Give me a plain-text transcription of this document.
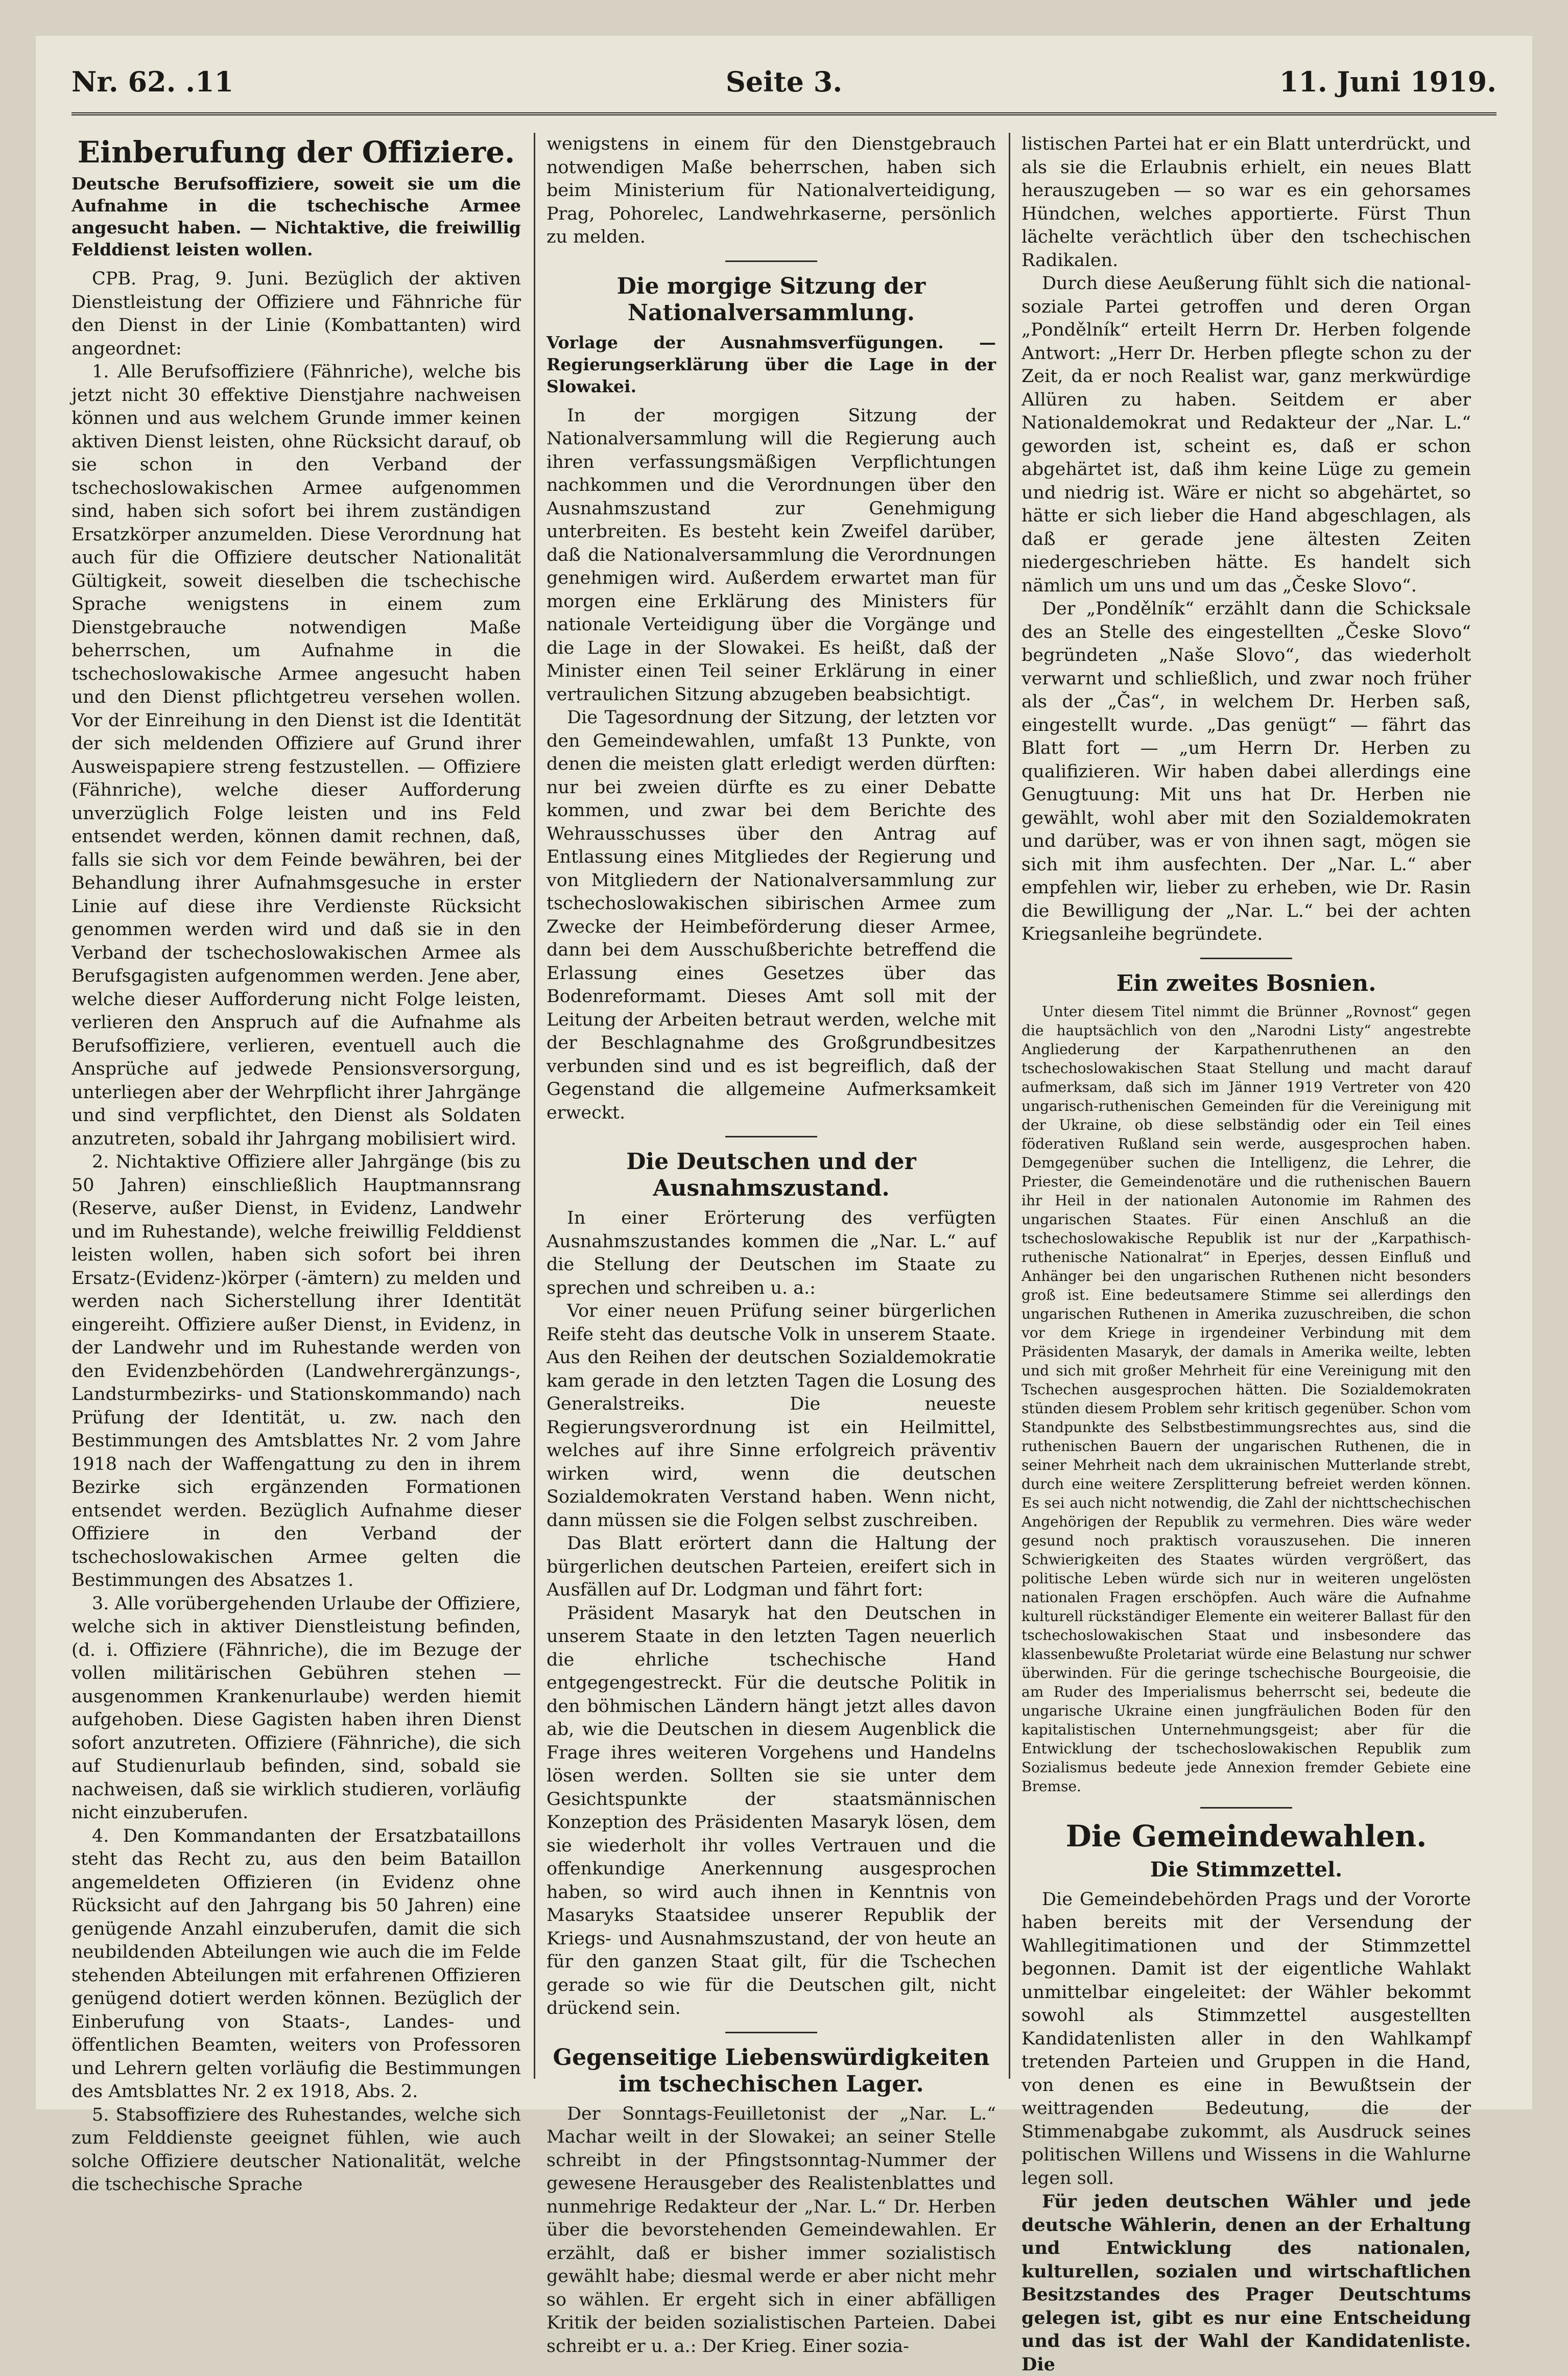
Nr. 62. .11	Seite 3.	11. Juni 1919.
Einberufung der Offiziere.
Deutsche Berufsoffiziere, soweit sie um die Aufnahme in die tschechische Armee angesucht haben. — Nichtaktive, die freiwillig Felddienst leisten wollen.

CPB. Prag, 9. Juni. Bezüglich der aktiven Dienstleistung der Offiziere und Fähnriche für den Dienst in der Linie (Kombattanten) wird angeordnet:

1. Alle Berufsoffiziere (Fähnriche), welche bis jetzt nicht 30 effektive Dienstjahre nachweisen können und aus welchem Grunde immer keinen aktiven Dienst leisten, ohne Rücksicht darauf, ob sie schon in den Verband der tschechoslowakischen Armee aufgenommen sind, haben sich sofort bei ihrem zuständigen Ersatzkörper anzumelden. Diese Verordnung hat auch für die Offiziere deutscher Nationalität Gültigkeit, soweit dieselben die tschechische Sprache wenigstens in einem zum Dienstgebrauche notwendigen Maße beherrschen, um Aufnahme in die tschechoslowakische Armee angesucht haben und den Dienst pflichtgetreu versehen wollen. Vor der Einreihung in den Dienst ist die Identität der sich meldenden Offiziere auf Grund ihrer Ausweispapiere streng festzustellen. — Offiziere (Fähnriche), welche dieser Aufforderung unverzüglich Folge leisten und ins Feld entsendet werden, können damit rechnen, daß, falls sie sich vor dem Feinde bewähren, bei der Behandlung ihrer Aufnahmsgesuche in erster Linie auf diese ihre Verdienste Rücksicht genommen werden wird und daß sie in den Verband der tschechoslowakischen Armee als Berufsgagisten aufgenommen werden. Jene aber, welche dieser Aufforderung nicht Folge leisten, verlieren den Anspruch auf die Aufnahme als Berufsoffiziere, verlieren, eventuell auch die Ansprüche auf jedwede Pensionsversorgung, unterliegen aber der Wehrpflicht ihrer Jahrgänge und sind verpflichtet, den Dienst als Soldaten anzutreten, sobald ihr Jahrgang mobilisiert wird.

2. Nichtaktive Offiziere aller Jahrgänge (bis zu 50 Jahren) einschließlich Hauptmannsrang (Reserve, außer Dienst, in Evidenz, Landwehr und im Ruhestande), welche freiwillig Felddienst leisten wollen, haben sich sofort bei ihren Ersatz-(Evidenz-)körper (-ämtern) zu melden und werden nach Sicherstellung ihrer Identität eingereiht. Offiziere außer Dienst, in Evidenz, in der Landwehr und im Ruhestande werden von den Evidenzbehörden (Landwehrergänzungs-, Landsturmbezirks- und Stationskommando) nach Prüfung der Identität, u. zw. nach den Bestimmungen des Amtsblattes Nr. 2 vom Jahre 1918 nach der Waffengattung zu den in ihrem Bezirke sich ergänzenden Formationen entsendet werden. Bezüglich Aufnahme dieser Offiziere in den Verband der tschechoslowakischen Armee gelten die Bestimmungen des Absatzes 1.

3. Alle vorübergehenden Urlaube der Offiziere, welche sich in aktiver Dienstleistung befinden, (d. i. Offiziere (Fähnriche), die im Bezuge der vollen militärischen Gebühren stehen — ausgenommen Krankenurlaube) werden hiemit aufgehoben. Diese Gagisten haben ihren Dienst sofort anzutreten. Offiziere (Fähnriche), die sich auf Studienurlaub befinden, sind, sobald sie nachweisen, daß sie wirklich studieren, vorläufig nicht einzuberufen.

4. Den Kommandanten der Ersatzbataillons steht das Recht zu, aus den beim Bataillon angemeldeten Offizieren (in Evidenz ohne Rücksicht auf den Jahrgang bis 50 Jahren) eine genügende Anzahl einzuberufen, damit die sich neubildenden Abteilungen wie auch die im Felde stehenden Abteilungen mit erfahrenen Offizieren genügend dotiert werden können. Bezüglich der Einberufung von Staats-, Landes- und öffentlichen Beamten, weiters von Professoren und Lehrern gelten vorläufig die Bestimmungen des Amtsblattes Nr. 2 ex 1918, Abs. 2.

5. Stabsoffiziere des Ruhestandes, welche sich zum Felddienste geeignet fühlen, wie auch solche Offiziere deutscher Nationalität, welche die tschechische Sprache

wenigstens in einem für den Dienstgebrauch notwendigen Maße beherrschen, haben sich beim Ministerium für Nationalverteidigung, Prag, Pohorelec, Landwehrkaserne, persönlich zu melden.

Die morgige Sitzung der Nationalversammlung.
Vorlage der Ausnahmsverfügungen. — Regierungserklärung über die Lage in der Slowakei.

In der morgigen Sitzung der Nationalversammlung will die Regierung auch ihren verfassungsmäßigen Verpflichtungen nachkommen und die Verordnungen über den Ausnahmszustand zur Genehmigung unterbreiten. Es besteht kein Zweifel darüber, daß die Nationalversammlung die Verordnungen genehmigen wird. Außerdem erwartet man für morgen eine Erklärung des Ministers für nationale Verteidigung über die Vorgänge und die Lage in der Slowakei. Es heißt, daß der Minister einen Teil seiner Erklärung in einer vertraulichen Sitzung abzugeben beabsichtigt.

Die Tagesordnung der Sitzung, der letzten vor den Gemeindewahlen, umfaßt 13 Punkte, von denen die meisten glatt erledigt werden dürften: nur bei zweien dürfte es zu einer Debatte kommen, und zwar bei dem Berichte des Wehrausschusses über den Antrag auf Entlassung eines Mitgliedes der Regierung und von Mitgliedern der Nationalversammlung zur tschechoslowakischen sibirischen Armee zum Zwecke der Heimbeförderung dieser Armee, dann bei dem Ausschußberichte betreffend die Erlassung eines Gesetzes über das Bodenreformamt. Dieses Amt soll mit der Leitung der Arbeiten betraut werden, welche mit der Beschlagnahme des Großgrundbesitzes verbunden sind und es ist begreiflich, daß der Gegenstand die allgemeine Aufmerksamkeit erweckt.

Die Deutschen und der Ausnahmszustand.

In einer Erörterung des verfügten Ausnahmszustandes kommen die „Nar. L.“ auf die Stellung der Deutschen im Staate zu sprechen und schreiben u. a.:

Vor einer neuen Prüfung seiner bürgerlichen Reife steht das deutsche Volk in unserem Staate. Aus den Reihen der deutschen Sozialdemokratie kam gerade in den letzten Tagen die Losung des Generalstreiks. Die neueste Regierungsverordnung ist ein Heilmittel, welches auf ihre Sinne erfolgreich präventiv wirken wird, wenn die deutschen Sozialdemokraten Verstand haben. Wenn nicht, dann müssen sie die Folgen selbst zuschreiben.

Das Blatt erörtert dann die Haltung der bürgerlichen deutschen Parteien, ereifert sich in Ausfällen auf Dr. Lodgman und fährt fort:

Präsident Masaryk hat den Deutschen in unserem Staate in den letzten Tagen neuerlich die ehrliche tschechische Hand entgegengestreckt. Für die deutsche Politik in den böhmischen Ländern hängt jetzt alles davon ab, wie die Deutschen in diesem Augenblick die Frage ihres weiteren Vorgehens und Handelns lösen werden. Sollten sie sie unter dem Gesichtspunkte der staatsmännischen Konzeption des Präsidenten Masaryk lösen, dem sie wiederholt ihr volles Vertrauen und die offenkundige Anerkennung ausgesprochen haben, so wird auch ihnen in Kenntnis von Masaryks Staatsidee unserer Republik der Kriegs- und Ausnahmszustand, der von heute an für den ganzen Staat gilt, für die Tschechen gerade so wie für die Deutschen gilt, nicht drückend sein.

Gegenseitige Liebenswürdigkeiten im tschechischen Lager.

Der Sonntags-Feuilletonist der „Nar. L.“ Machar weilt in der Slowakei; an seiner Stelle schreibt in der Pfingstsonntag-Nummer der gewesene Herausgeber des Realistenblattes und nunmehrige Redakteur der „Nar. L.“ Dr. Herben über die bevorstehenden Gemeindewahlen. Er erzählt, daß er bisher immer sozialistisch gewählt habe; diesmal werde er aber nicht mehr so wählen. Er ergeht sich in einer abfälligen Kritik der beiden sozialistischen Parteien. Dabei schreibt er u. a.: Der Krieg. Einer sozia-

listischen Partei hat er ein Blatt unterdrückt, und als sie die Erlaubnis erhielt, ein neues Blatt herauszugeben — so war es ein gehorsames Hündchen, welches apportierte. Fürst Thun lächelte verächtlich über den tschechischen Radikalen.

Durch diese Aeußerung fühlt sich die national-soziale Partei getroffen und deren Organ „Pondělník“ erteilt Herrn Dr. Herben folgende Antwort: „Herr Dr. Herben pflegte schon zu der Zeit, da er noch Realist war, ganz merkwürdige Allüren zu haben. Seitdem er aber Nationaldemokrat und Redakteur der „Nar. L.“ geworden ist, scheint es, daß er schon abgehärtet ist, daß ihm keine Lüge zu gemein und niedrig ist. Wäre er nicht so abgehärtet, so hätte er sich lieber die Hand abgeschlagen, als daß er gerade jene ältesten Zeiten niedergeschrieben hätte. Es handelt sich nämlich um uns und um das „Česke Slovo“.

Der „Pondělník“ erzählt dann die Schicksale des an Stelle des eingestellten „Česke Slovo“ begründeten „Naše Slovo“, das wiederholt verwarnt und schließlich, und zwar noch früher als der „Čas“, in welchem Dr. Herben saß, eingestellt wurde. „Das genügt“ — fährt das Blatt fort — „um Herrn Dr. Herben zu qualifizieren. Wir haben dabei allerdings eine Genugtuung: Mit uns hat Dr. Herben nie gewählt, wohl aber mit den Sozialdemokraten und darüber, was er von ihnen sagt, mögen sie sich mit ihm ausfechten. Der „Nar. L.“ aber empfehlen wir, lieber zu erheben, wie Dr. Rasin die Bewilligung der „Nar. L.“ bei der achten Kriegsanleihe begründete.

Ein zweites Bosnien.

Unter diesem Titel nimmt die Brünner „Rovnost“ gegen die hauptsächlich von den „Narodni Listy“ angestrebte Angliederung der Karpathenruthenen an den tschechoslowakischen Staat Stellung und macht darauf aufmerksam, daß sich im Jänner 1919 Vertreter von 420 ungarisch-ruthenischen Gemeinden für die Vereinigung mit der Ukraine, ob diese selbständig oder ein Teil eines föderativen Rußland sein werde, ausgesprochen haben. Demgegenüber suchen die Intelligenz, die Lehrer, die Priester, die Gemeindenotäre und die ruthenischen Bauern ihr Heil in der nationalen Autonomie im Rahmen des ungarischen Staates. Für einen Anschluß an die tschechoslowakische Republik ist nur der „Karpathisch-ruthenische Nationalrat“ in Eperjes, dessen Einfluß und Anhänger bei den ungarischen Ruthenen nicht besonders groß ist. Eine bedeutsamere Stimme sei allerdings den ungarischen Ruthenen in Amerika zuzuschreiben, die schon vor dem Kriege in irgendeiner Verbindung mit dem Präsidenten Masaryk, der damals in Amerika weilte, lebten und sich mit großer Mehrheit für eine Vereinigung mit den Tschechen ausgesprochen hätten. Die Sozialdemokraten stünden diesem Problem sehr kritisch gegenüber. Schon vom Standpunkte des Selbstbestimmungsrechtes aus, sind die ruthenischen Bauern der ungarischen Ruthenen, die in seiner Mehrheit nach dem ukrainischen Mutterlande strebt, durch eine weitere Zersplitterung befreiet werden können. Es sei auch nicht notwendig, die Zahl der nichttschechischen Angehörigen der Republik zu vermehren. Dies wäre weder gesund noch praktisch vorauszusehen. Die inneren Schwierigkeiten des Staates würden vergrößert, das politische Leben würde sich nur in weiteren ungelösten nationalen Fragen erschöpfen. Auch wäre die Aufnahme kulturell rückständiger Elemente ein weiterer Ballast für den tschechoslowakischen Staat und insbesondere das klassenbewußte Proletariat würde eine Belastung nur schwer überwinden. Für die geringe tschechische Bourgeoisie, die am Ruder des Imperialismus beherrscht sei, bedeute die ungarische Ukraine einen jungfräulichen Boden für den kapitalistischen Unternehmungsgeist; aber für die Entwicklung der tschechoslowakischen Republik zum Sozialismus bedeute jede Annexion fremder Gebiete eine Bremse.

Die Gemeindewahlen.
Die Stimmzettel.

Die Gemeindebehörden Prags und der Vororte haben bereits mit der Versendung der Wahllegitimationen und der Stimmzettel begonnen. Damit ist der eigentliche Wahlakt unmittelbar eingeleitet: der Wähler bekommt sowohl als Stimmzettel ausgestellten Kandidatenlisten aller in den Wahlkampf tretenden Parteien und Gruppen in die Hand, von denen es eine in Bewußtsein der weittragenden Bedeutung, die der Stimmenabgabe zukommt, als Ausdruck seines politischen Willens und Wissens in die Wahlurne legen soll.

Für jeden deutschen Wähler und jede deutsche Wählerin, denen an der Erhaltung und Entwicklung des nationalen, kulturellen, sozialen und wirtschaftlichen Besitzstandes des Prager Deutschtums gelegen ist, gibt es nur eine Entscheidung und das ist der Wahl der Kandidatenliste. Die
